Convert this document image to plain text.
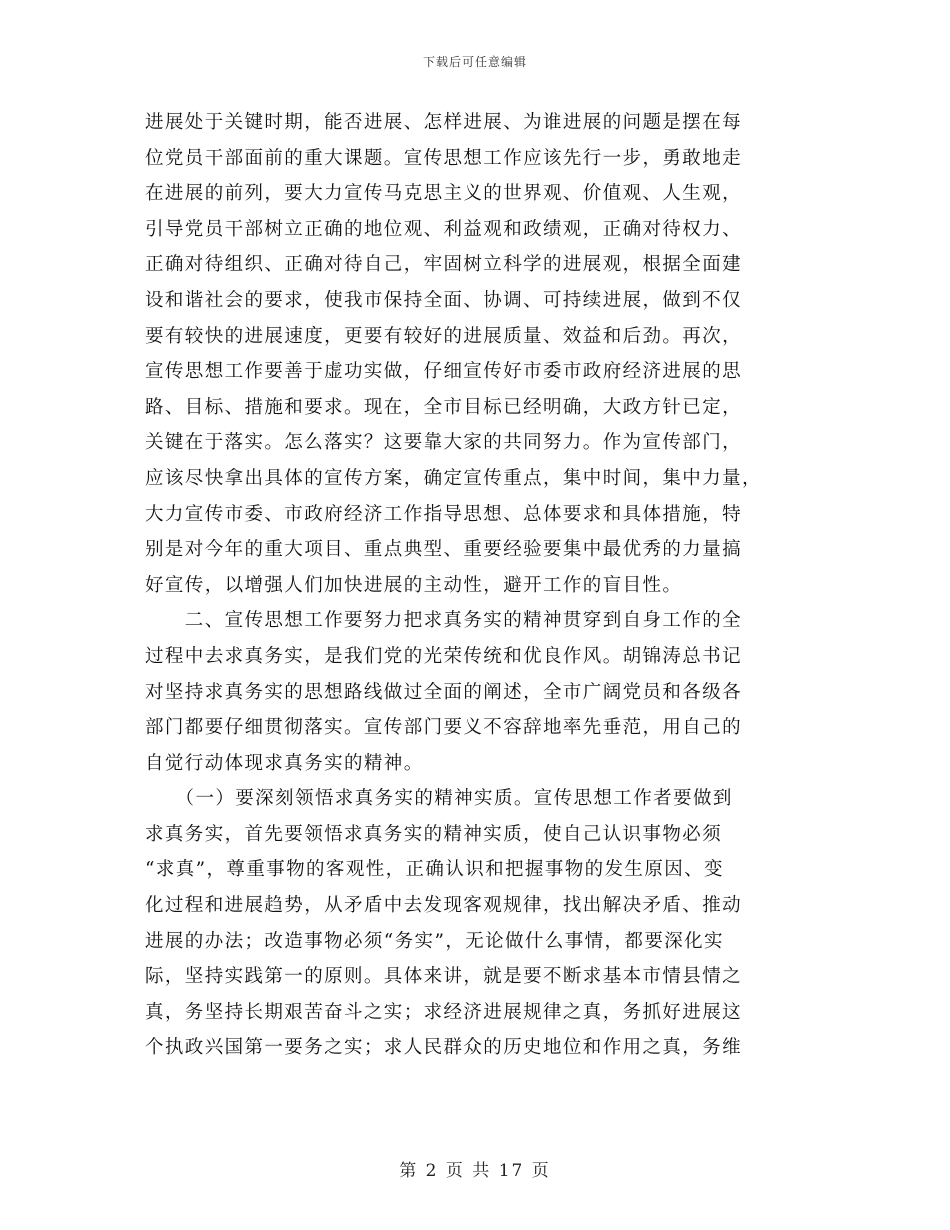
下载后可任意编辑
进展处于关键时期，能否进展、怎样进展、为谁进展的问题是摆在每
位党员干部面前的重大课题。宣传思想工作应该先行一步，勇敢地走
在进展的前列，要大力宣传马克思主义的世界观、价值观、人生观，
引导党员干部树立正确的地位观、利益观和政绩观，正确对待权力、
正确对待组织、正确对待自己，牢固树立科学的进展观，根据全面建
设和谐社会的要求，使我市保持全面、协调、可持续进展，做到不仅
要有较快的进展速度，更要有较好的进展质量、效益和后劲。再次，
宣传思想工作要善于虚功实做，仔细宣传好市委市政府经济进展的思
路、目标、措施和要求。现在，全市目标已经明确，大政方针已定，
关键在于落实。怎么落实？这要靠大家的共同努力。作为宣传部门，
应该尽快拿出具体的宣传方案，确定宣传重点，集中时间，集中力量，
大力宣传市委、市政府经济工作指导思想、总体要求和具体措施，特
别是对今年的重大项目、重点典型、重要经验要集中最优秀的力量搞
好宣传，以增强人们加快进展的主动性，避开工作的盲目性。
　　二、宣传思想工作要努力把求真务实的精神贯穿到自身工作的全
过程中去求真务实，是我们党的光荣传统和优良作风。胡锦涛总书记
对坚持求真务实的思想路线做过全面的阐述，全市广阔党员和各级各
部门都要仔细贯彻落实。宣传部门要义不容辞地率先垂范，用自己的
自觉行动体现求真务实的精神。
　　（一）要深刻领悟求真务实的精神实质。宣传思想工作者要做到
求真务实，首先要领悟求真务实的精神实质，使自己认识事物必须
“求真”，尊重事物的客观性，正确认识和把握事物的发生原因、变
化过程和进展趋势，从矛盾中去发现客观规律，找出解决矛盾、推动
进展的办法；改造事物必须“务实”，无论做什么事情，都要深化实
际，坚持实践第一的原则。具体来讲，就是要不断求基本市情县情之
真，务坚持长期艰苦奋斗之实；求经济进展规律之真，务抓好进展这
个执政兴国第一要务之实；求人民群众的历史地位和作用之真，务维
第 2 页 共 17 页
